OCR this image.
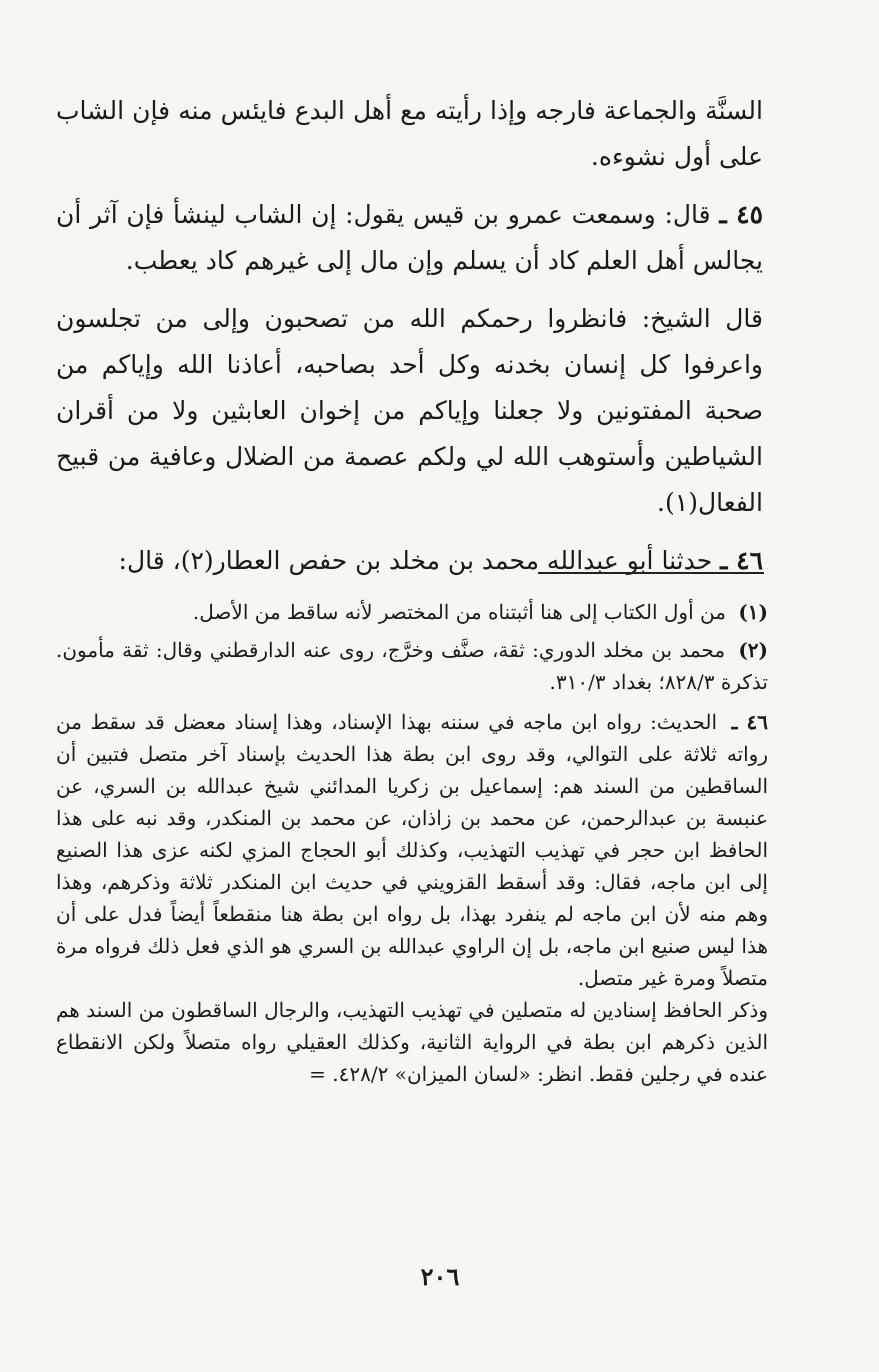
السنَّة والجماعة فارجه وإذا رأيته مع أهل البدع فايئس منه فإن الشاب على أول نشوءه.

٤٥ ـ قال: وسمعت عمرو بن قيس يقول: إن الشاب لينشأ فإن آثر أن يجالس أهل العلم كاد أن يسلم وإن مال إلى غيرهم كاد يعطب.

قال الشيخ: فانظروا رحمكم الله من تصحبون وإلى من تجلسون واعرفوا كل إنسان بخدنه وكل أحد بصاحبه، أعاذنا الله وإياكم من صحبة المفتونين ولا جعلنا وإياكم من إخوان العابثين ولا من أقران الشياطين وأستوهب الله لي ولكم عصمة من الضلال وعافية من قبيح الفعال(١).

٤٦ ـ حدثنا أبو عبدالله محمد بن مخلد بن حفص العطار(٢)، قال:

(١) من أول الكتاب إلى هنا أثبتناه من المختصر لأنه ساقط من الأصل.
(٢) محمد بن مخلد الدوري: ثقة، صنَّف وخرَّج، روى عنه الدارقطني وقال: ثقة مأمون. تذكرة ٨٢٨/٣؛ بغداد ٣١٠/٣.
٤٦ ـ الحديث: رواه ابن ماجه في سننه بهذا الإسناد، وهذا إسناد معضل قد سقط من رواته ثلاثة على التوالي، وقد روى ابن بطة هذا الحديث بإسناد آخر متصل فتبين أن الساقطين من السند هم: إسماعيل بن زكريا المدائني شيخ عبدالله بن السري، عن عنبسة بن عبدالرحمن، عن محمد بن زاذان، عن محمد بن المنكدر، وقد نبه على هذا الحافظ ابن حجر في تهذيب التهذيب، وكذلك أبو الحجاج المزي لكنه عزى هذا الصنيع إلى ابن ماجه، فقال: وقد أسقط القزويني في حديث ابن المنكدر ثلاثة وذكرهم، وهذا وهم منه لأن ابن ماجه لم ينفرد بهذا، بل رواه ابن بطة هنا منقطعاً أيضاً فدل على أن هذا ليس صنيع ابن ماجه، بل إن الراوي عبدالله بن السري هو الذي فعل ذلك فرواه مرة متصلاً ومرة غير متصل.

وذكر الحافظ إسنادين له متصلين في تهذيب التهذيب، والرجال الساقطون من السند هم الذين ذكرهم ابن بطة في الرواية الثانية، وكذلك العقيلي رواه متصلاً ولكن الانقطاع عنده في رجلين فقط. انظر: «لسان الميزان» ٤٢٨/٢. =

٢٠٦
